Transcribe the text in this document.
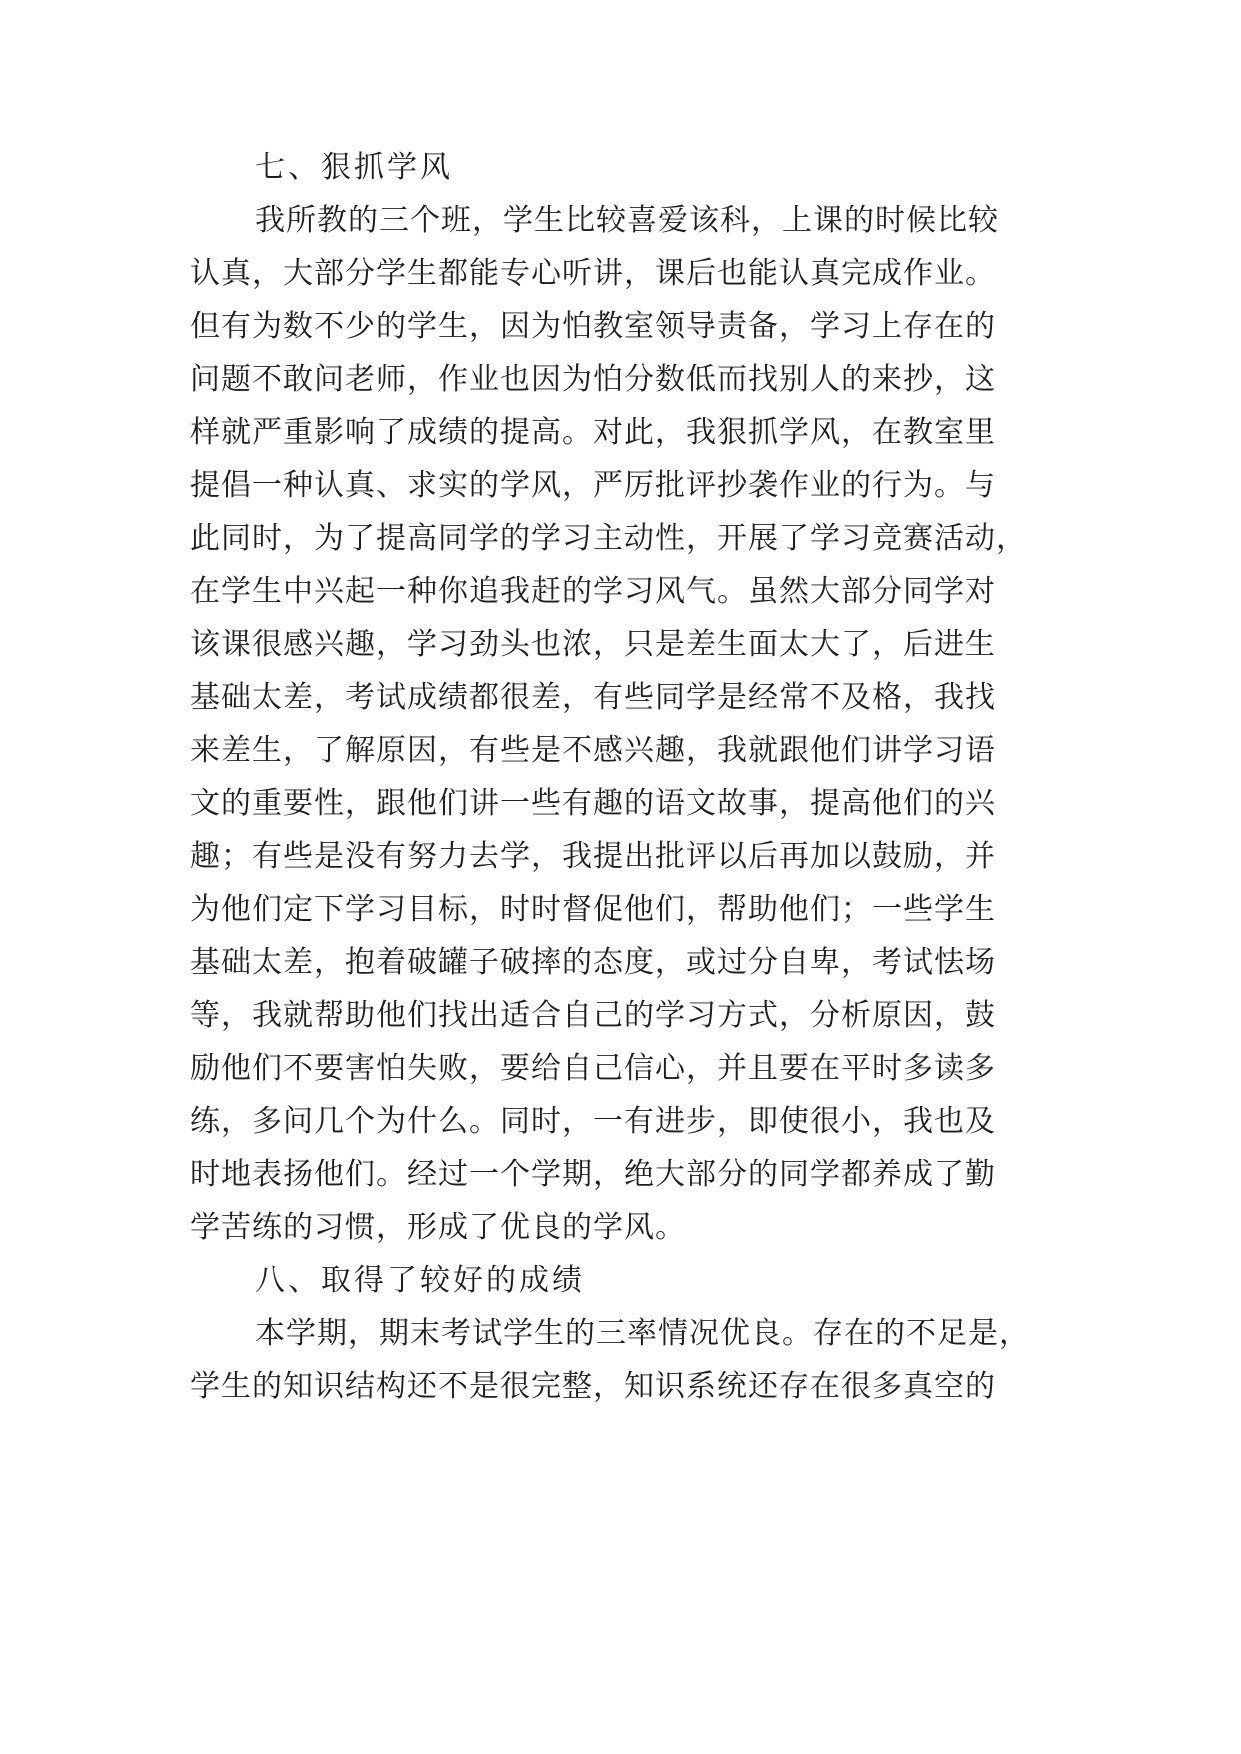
七、狠抓学风
我所教的三个班，学生比较喜爱该科，上课的时候比较
认真，大部分学生都能专心听讲，课后也能认真完成作业。
但有为数不少的学生，因为怕教室领导责备，学习上存在的
问题不敢问老师，作业也因为怕分数低而找别人的来抄，这
样就严重影响了成绩的提高。对此，我狠抓学风，在教室里
提倡一种认真、求实的学风，严厉批评抄袭作业的行为。与
此同时，为了提高同学的学习主动性，开展了学习竞赛活动，
在学生中兴起一种你追我赶的学习风气。虽然大部分同学对
该课很感兴趣，学习劲头也浓，只是差生面太大了，后进生
基础太差，考试成绩都很差，有些同学是经常不及格，我找
来差生，了解原因，有些是不感兴趣，我就跟他们讲学习语
文的重要性，跟他们讲一些有趣的语文故事，提高他们的兴
趣；有些是没有努力去学，我提出批评以后再加以鼓励，并
为他们定下学习目标，时时督促他们，帮助他们；一些学生
基础太差，抱着破罐子破摔的态度，或过分自卑，考试怯场
等，我就帮助他们找出适合自己的学习方式，分析原因，鼓
励他们不要害怕失败，要给自己信心，并且要在平时多读多
练，多问几个为什么。同时，一有进步，即使很小，我也及
时地表扬他们。经过一个学期，绝大部分的同学都养成了勤
学苦练的习惯，形成了优良的学风。
八、取得了较好的成绩
本学期，期末考试学生的三率情况优良。存在的不足是，
学生的知识结构还不是很完整，知识系统还存在很多真空的
